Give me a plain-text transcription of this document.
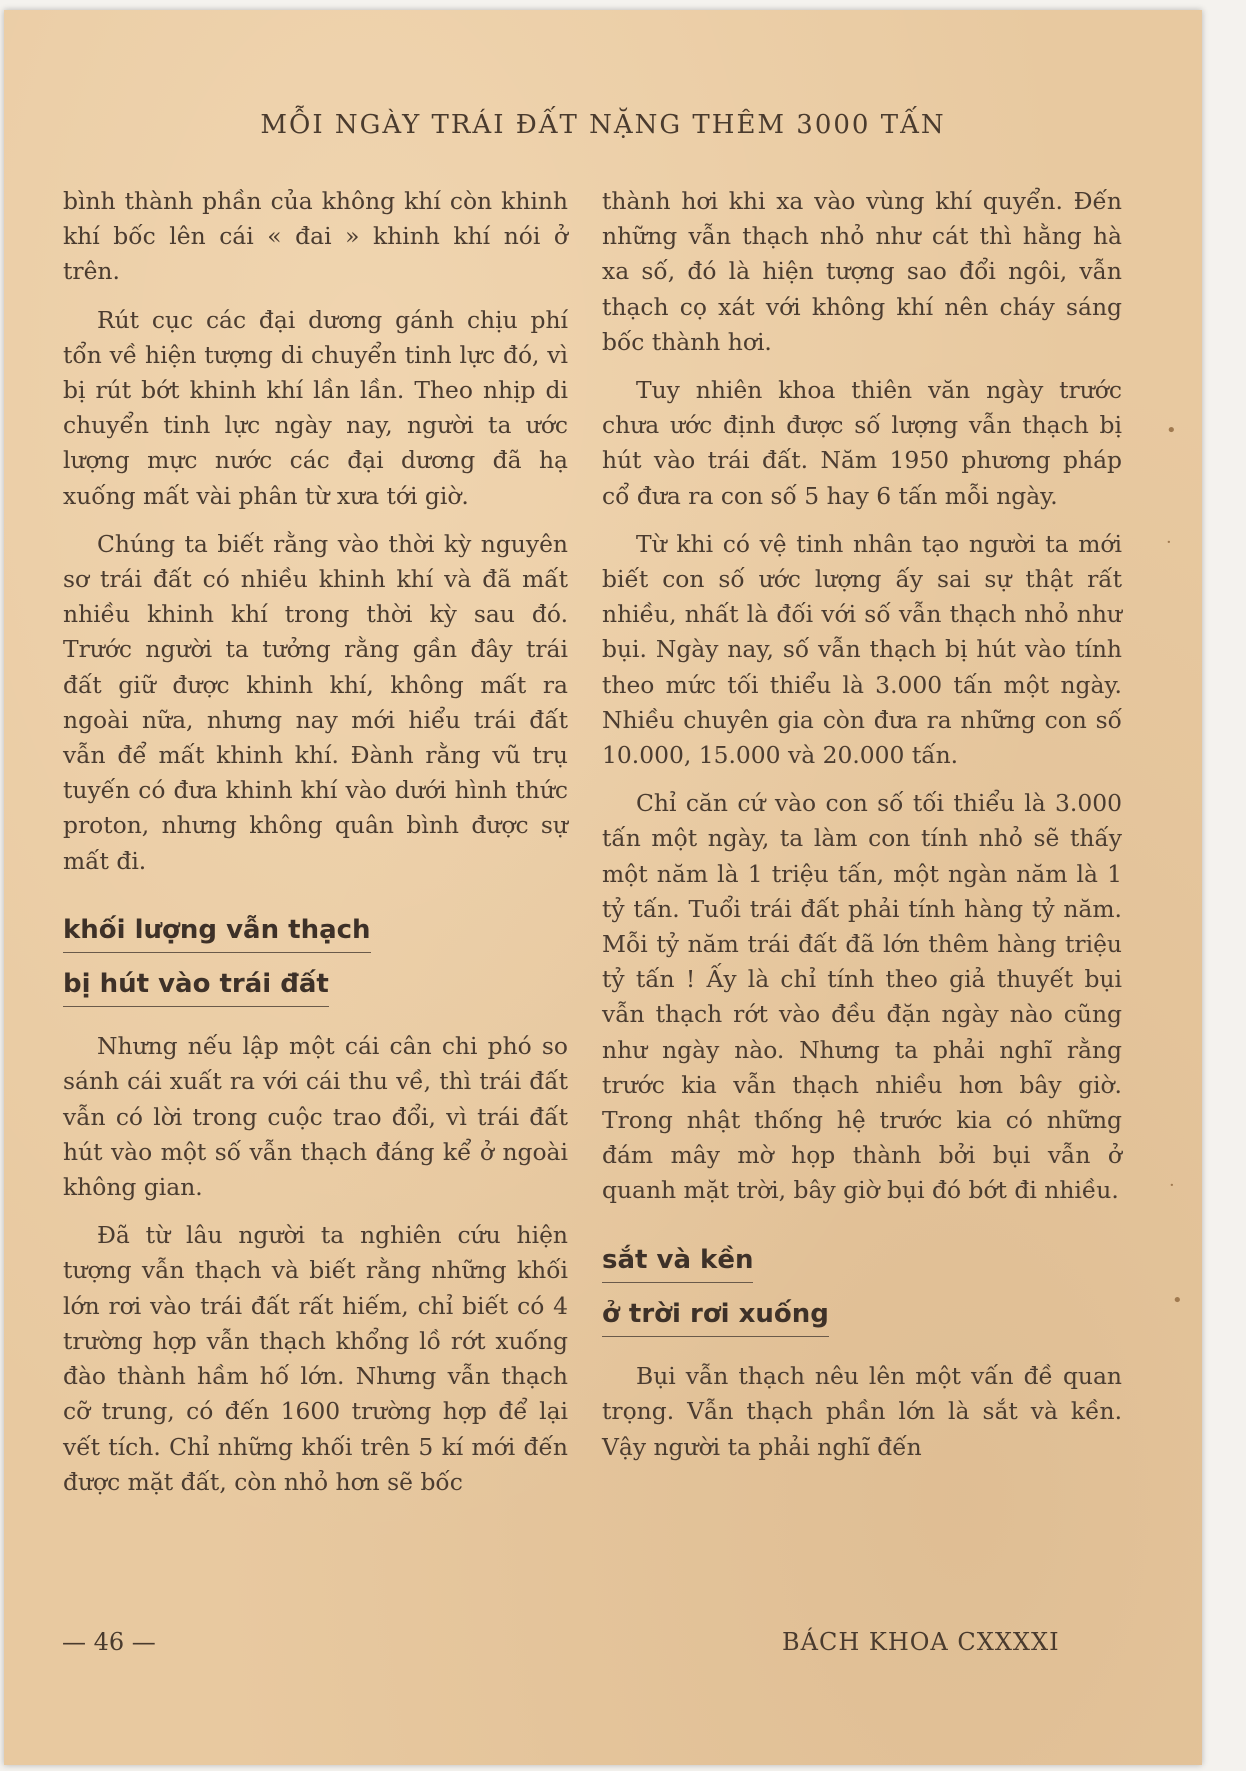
MỖI NGÀY TRÁI ĐẤT NẶNG THÊM 3000 TẤN

bình thành phần của không khí còn khinh khí bốc lên cái « đai » khinh khí nói ở trên.

Rút cục các đại dương gánh chịu phí tổn về hiện tượng di chuyển tinh lực đó, vì bị rút bớt khinh khí lần lần. Theo nhịp di chuyển tinh lực ngày nay, người ta ước lượng mực nước các đại dương đã hạ xuống mất vài phân từ xưa tới giờ.

Chúng ta biết rằng vào thời kỳ nguyên sơ trái đất có nhiều khinh khí và đã mất nhiều khinh khí trong thời kỳ sau đó. Trước người ta tưởng rằng gần đây trái đất giữ được khinh khí, không mất ra ngoài nữa, nhưng nay mới hiểu trái đất vẫn để mất khinh khí. Đành rằng vũ trụ tuyến có đưa khinh khí vào dưới hình thức proton, nhưng không quân bình được sự mất đi.

khối lượng vẫn thạch
bị hút vào trái đất

Nhưng nếu lập một cái cân chi phó so sánh cái xuất ra với cái thu về, thì trái đất vẫn có lời trong cuộc trao đổi, vì trái đất hút vào một số vẫn thạch đáng kể ở ngoài không gian.

Đã từ lâu người ta nghiên cứu hiện tượng vẫn thạch và biết rằng những khối lớn rơi vào trái đất rất hiếm, chỉ biết có 4 trường hợp vẫn thạch khổng lồ rớt xuống đào thành hầm hố lớn. Nhưng vẫn thạch cỡ trung, có đến 1600 trường hợp để lại vết tích. Chỉ những khối trên 5 kí mới đến được mặt đất, còn nhỏ hơn sẽ bốc

thành hơi khi xa vào vùng khí quyển. Đến những vẫn thạch nhỏ như cát thì hằng hà xa số, đó là hiện tượng sao đổi ngôi, vẫn thạch cọ xát với không khí nên cháy sáng bốc thành hơi.

Tuy nhiên khoa thiên văn ngày trước chưa ước định được số lượng vẫn thạch bị hút vào trái đất. Năm 1950 phương pháp cổ đưa ra con số 5 hay 6 tấn mỗi ngày.

Từ khi có vệ tinh nhân tạo người ta mới biết con số ước lượng ấy sai sự thật rất nhiều, nhất là đối với số vẫn thạch nhỏ như bụi. Ngày nay, số vẫn thạch bị hút vào tính theo mức tối thiểu là 3.000 tấn một ngày. Nhiều chuyên gia còn đưa ra những con số 10.000, 15.000 và 20.000 tấn.

Chỉ căn cứ vào con số tối thiểu là 3.000 tấn một ngày, ta làm con tính nhỏ sẽ thấy một năm là 1 triệu tấn, một ngàn năm là 1 tỷ tấn. Tuổi trái đất phải tính hàng tỷ năm. Mỗi tỷ năm trái đất đã lớn thêm hàng triệu tỷ tấn ! Ấy là chỉ tính theo giả thuyết bụi vẫn thạch rớt vào đều đặn ngày nào cũng như ngày nào. Nhưng ta phải nghĩ rằng trước kia vẫn thạch nhiều hơn bây giờ. Trong nhật thống hệ trước kia có những đám mây mờ họp thành bởi bụi vẫn ở quanh mặt trời, bây giờ bụi đó bớt đi nhiều.

sắt và kền
ở trời rơi xuống

Bụi vẫn thạch nêu lên một vấn đề quan trọng. Vẫn thạch phần lớn là sắt và kền. Vậy người ta phải nghĩ đến

— 46 —	BÁCH KHOA CXXXXI
•
·
·
•
